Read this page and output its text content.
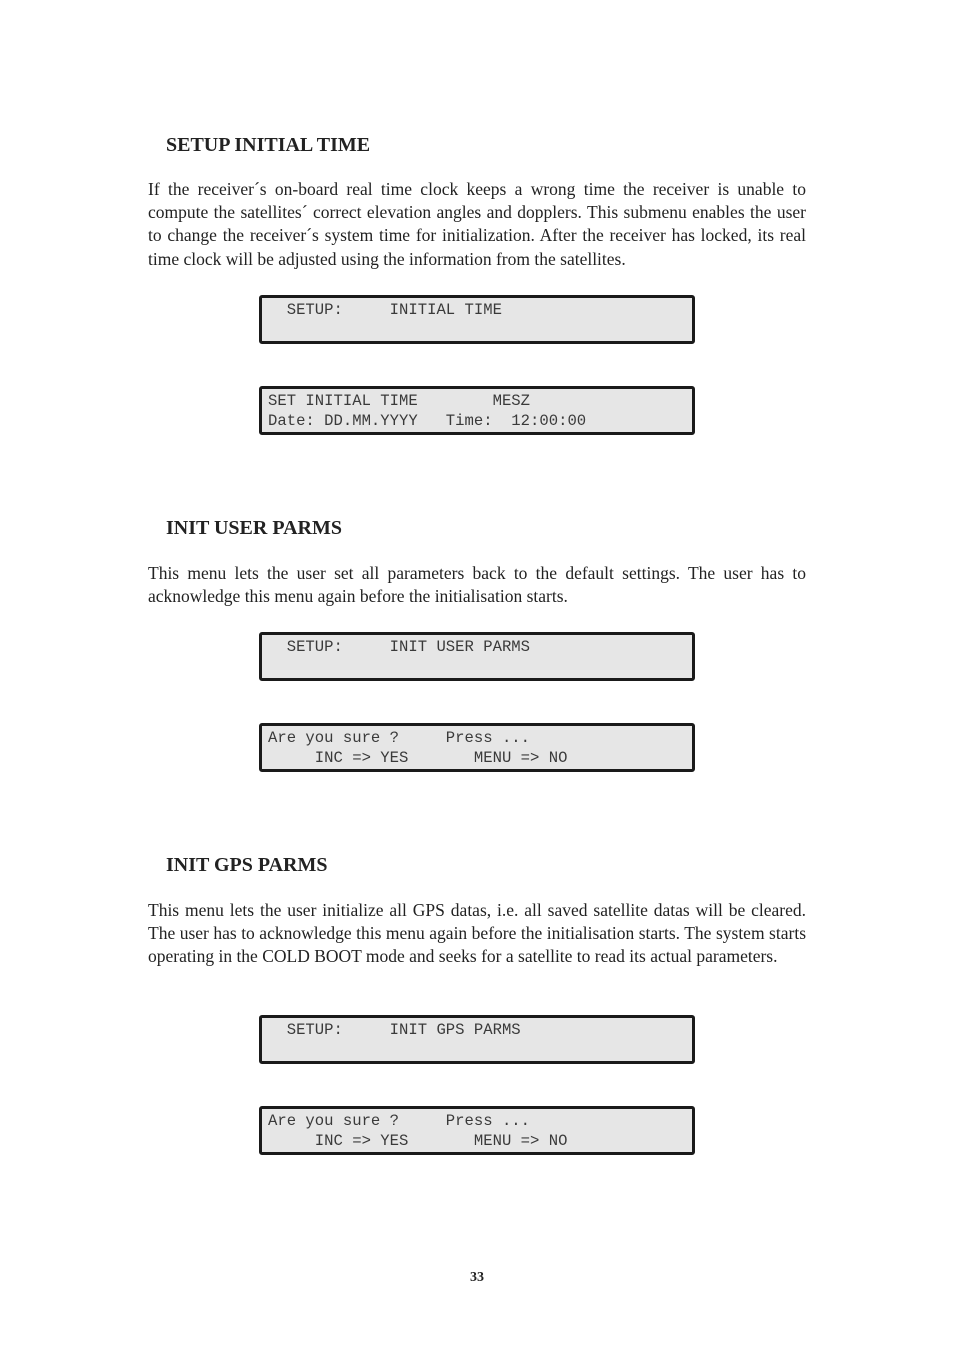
SETUP INITIAL TIME

If the receiver´s on-board real time clock keeps a wrong time the receiver is unable to compute the satellites´ correct elevation angles and dopplers. This submenu enables the user to change the receiver´s system time for initialization. After the receiver has locked, its real time clock will be adjusted using the information from the satellites.

SETUP:     INITIAL TIME
SET INITIAL TIME        MESZ
Date: DD.MM.YYYY   Time:  12:00:00
INIT USER PARMS

This menu lets the user set all parameters back to the default settings. The user has to acknowledge this menu again before the initialisation starts.

SETUP:     INIT USER PARMS
Are you sure ?     Press ...
INC => YES       MENU => NO
INIT GPS PARMS

This menu lets the user initialize all GPS datas, i.e. all saved satellite datas will be cleared. The user has to acknowledge this menu again before the initialisation starts. The system starts operating in the COLD BOOT mode and seeks for a satellite to read its actual parameters.

SETUP:     INIT GPS PARMS
Are you sure ?     Press ...
INC => YES       MENU => NO
33
